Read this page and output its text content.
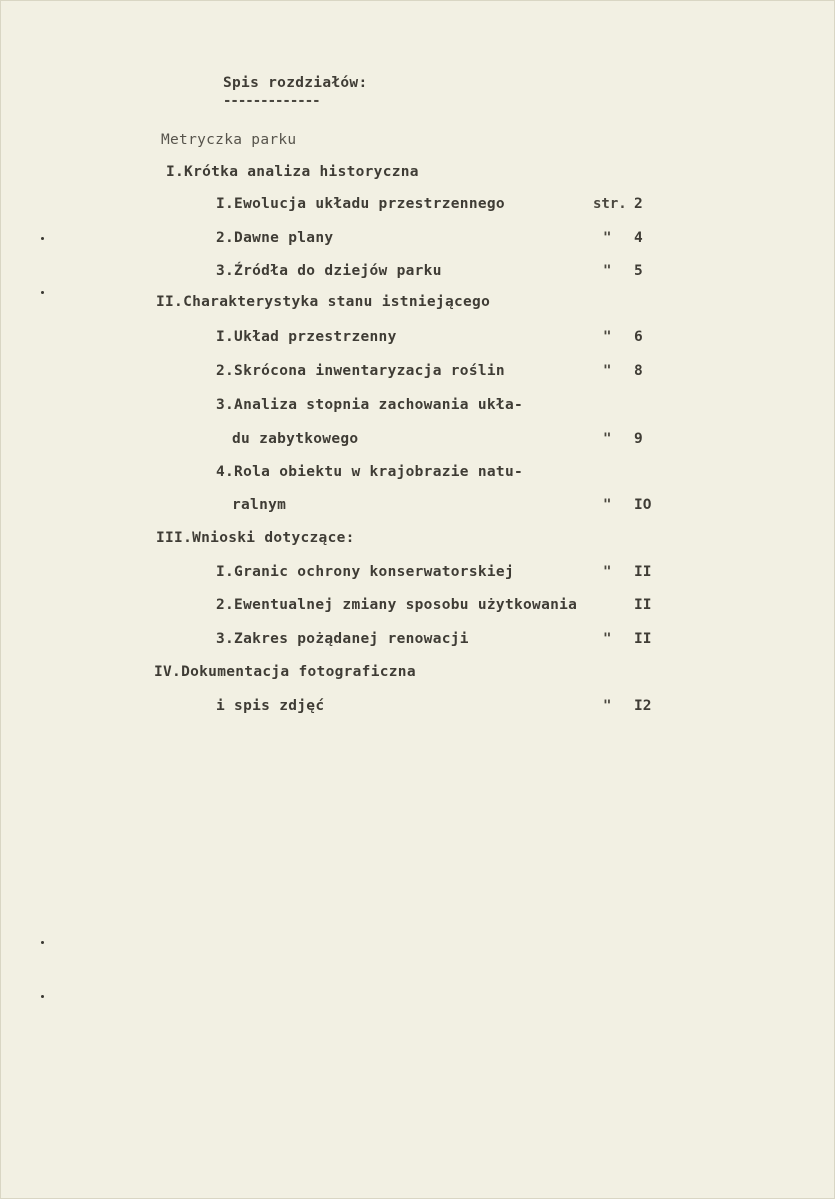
Spis rozdziałów:
-------------
Metryczka parku
I.Krótka analiza historyczna
I.Ewolucja układu przestrzennego
2.Dawne plany
3.Źródła do dziejów parku
II.Charakterystyka stanu istniejącego
I.Układ przestrzenny
2.Skrócona inwentaryzacja roślin
3.Analiza stopnia zachowania ukła-
du zabytkowego
4.Rola obiektu w krajobrazie natu-
ralnym
III.Wnioski dotyczące:
I.Granic ochrony konserwatorskiej
2.Ewentualnej zmiany sposobu użytkowania
3.Zakres pożądanej renowacji
IV.Dokumentacja fotograficzna
i spis zdjęć
str.
"
"
"
"
"
"
"
"
"
2
4
5
6
8
9
IO
II
II
II
I2
